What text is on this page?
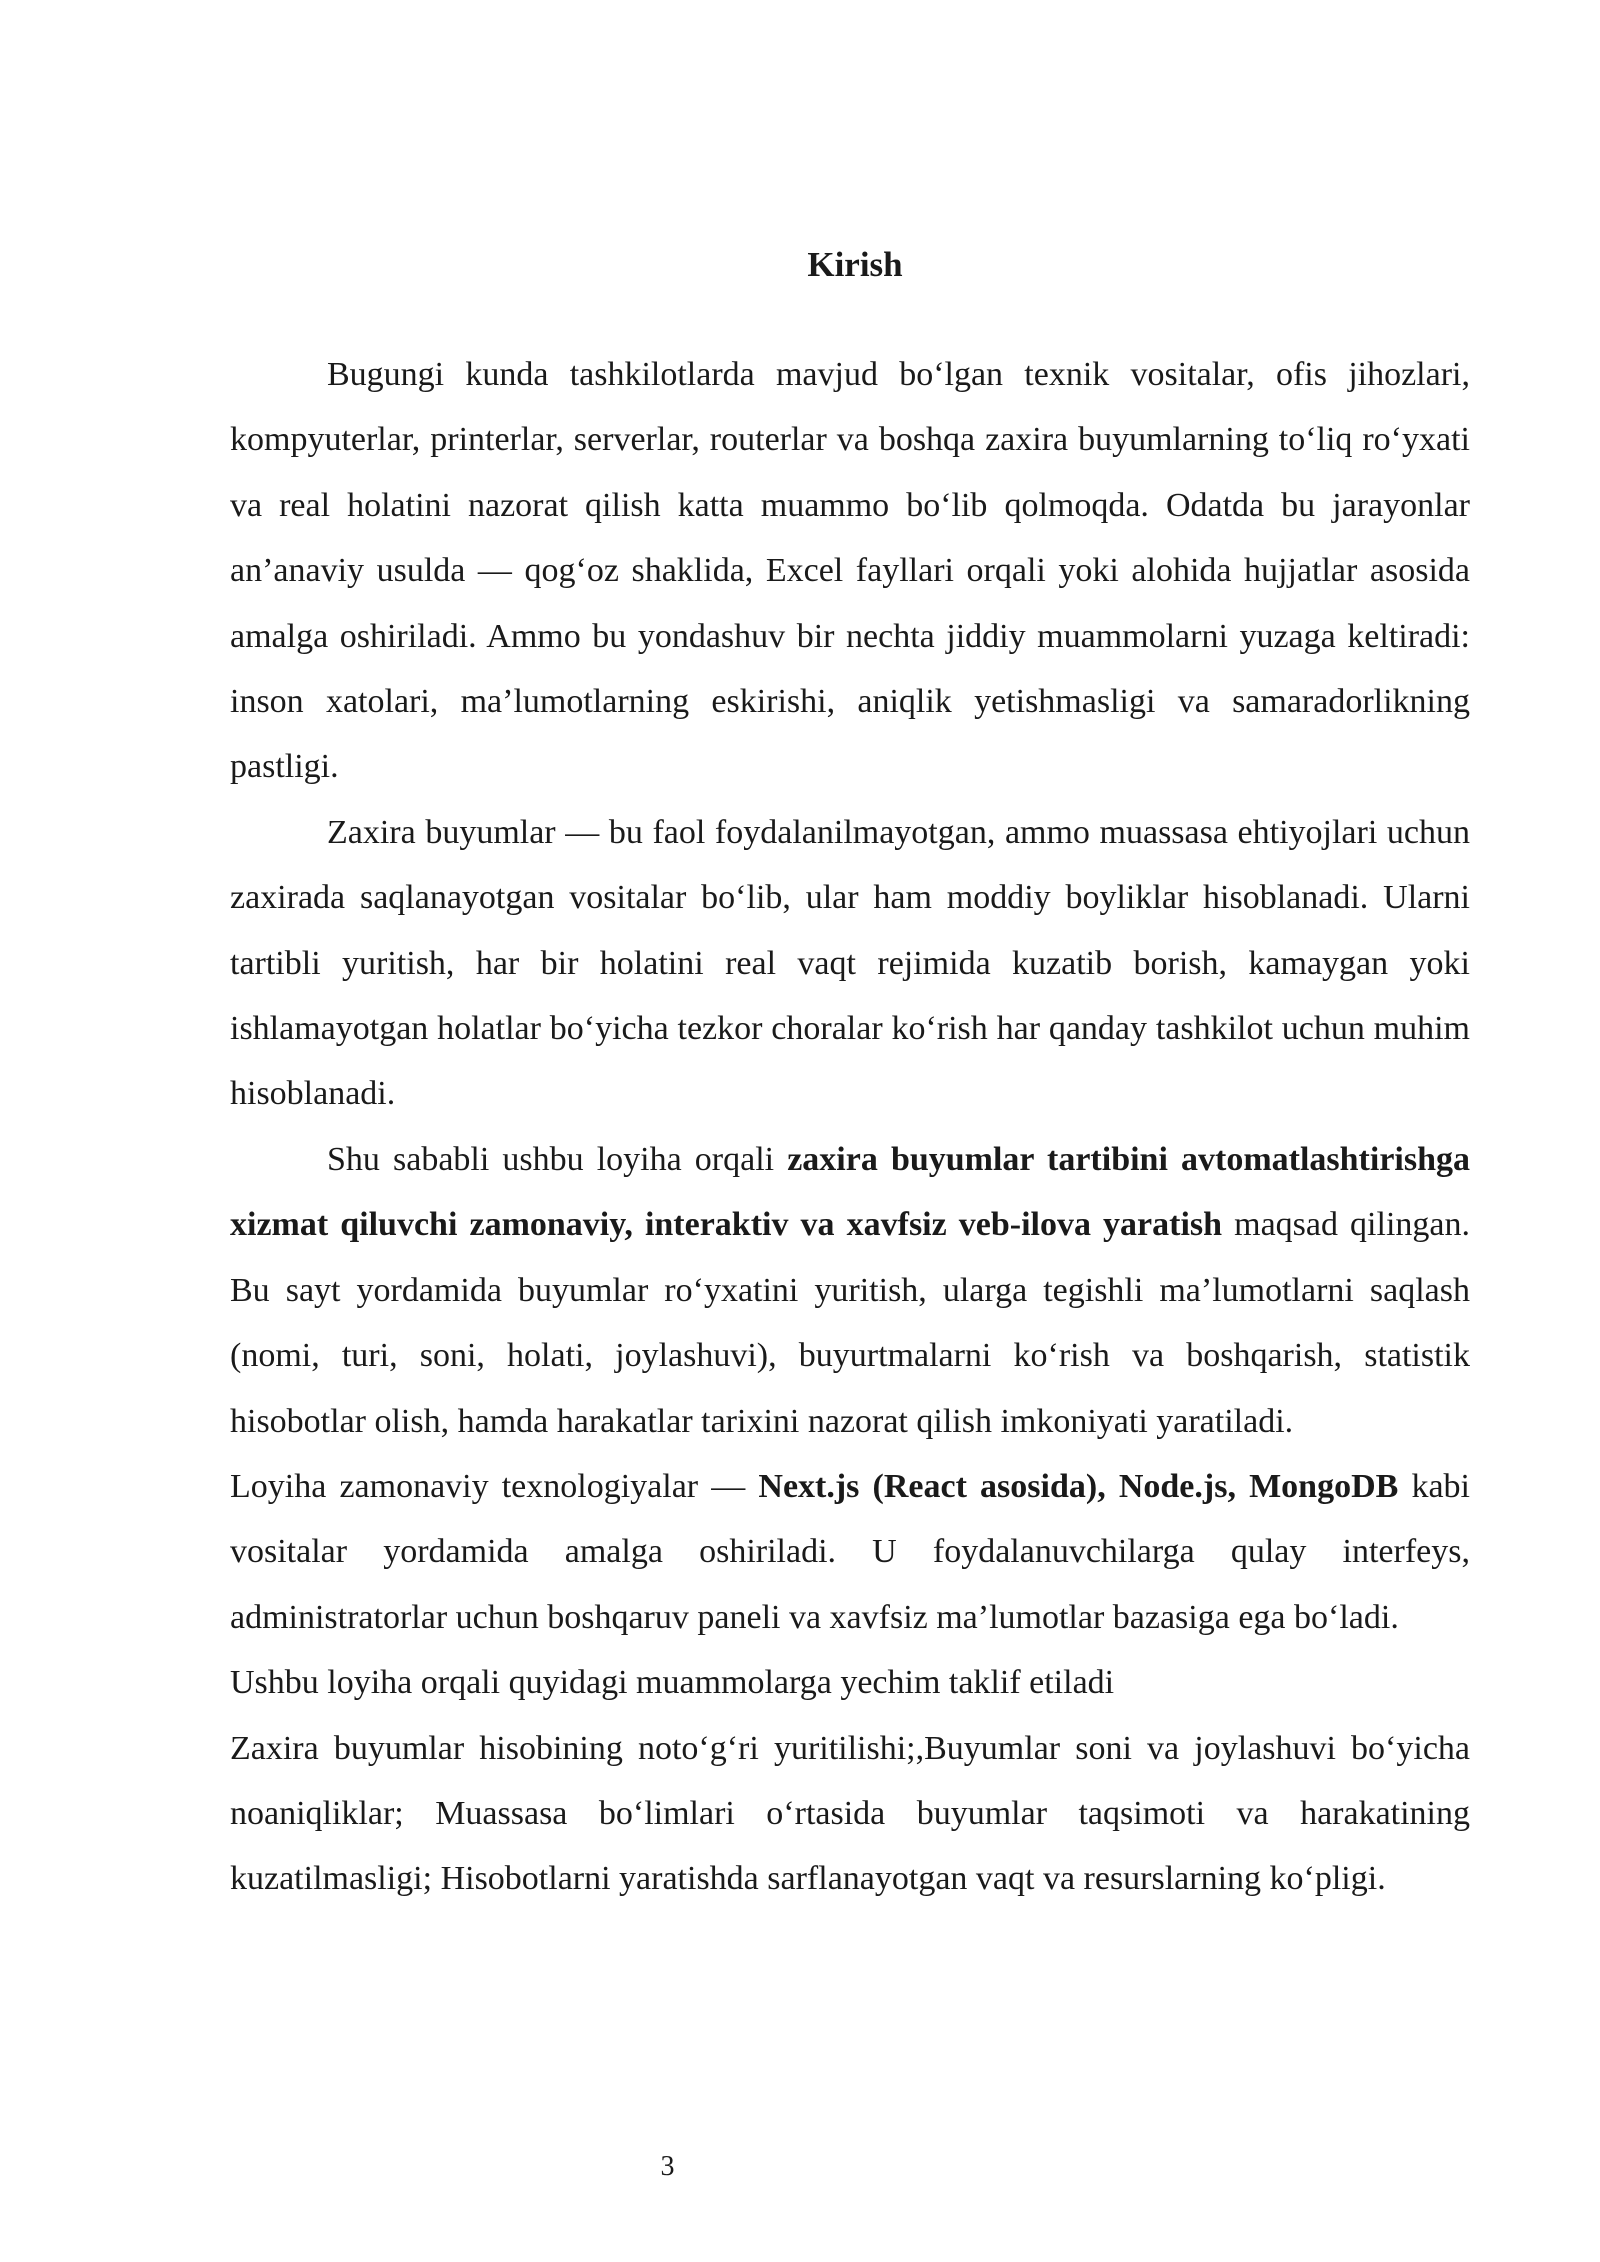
Kirish

Bugungi kunda tashkilotlarda mavjud bo‘lgan texnik vositalar, ofis jihozlari, kompyuterlar, printerlar, serverlar, routerlar va boshqa zaxira buyumlarning to‘liq ro‘yxati va real holatini nazorat qilish katta muammo bo‘lib qolmoqda. Odatda bu jarayonlar an’anaviy usulda — qog‘oz shaklida, Excel fayllari orqali yoki alohida hujjatlar asosida amalga oshiriladi. Ammo bu yondashuv bir nechta jiddiy muammolarni yuzaga keltiradi: inson xatolari, ma’lumotlarning eskirishi, aniqlik yetishmasligi va samaradorlikning pastligi.

Zaxira buyumlar — bu faol foydalanilmayotgan, ammo muassasa ehtiyojlari uchun zaxirada saqlanayotgan vositalar bo‘lib, ular ham moddiy boyliklar hisoblanadi. Ularni tartibli yuritish, har bir holatini real vaqt rejimida kuzatib borish, kamaygan yoki ishlamayotgan holatlar bo‘yicha tezkor choralar ko‘rish har qanday tashkilot uchun muhim hisoblanadi.

Shu sababli ushbu loyiha orqali zaxira buyumlar tartibini avtomatlashtirishga xizmat qiluvchi zamonaviy, interaktiv va xavfsiz veb-ilova yaratish maqsad qilingan. Bu sayt yordamida buyumlar ro‘yxatini yuritish, ularga tegishli ma’lumotlarni saqlash (nomi, turi, soni, holati, joylashuvi), buyurtmalarni ko‘rish va boshqarish, statistik hisobotlar olish, hamda harakatlar tarixini nazorat qilish imkoniyati yaratiladi.

Loyiha zamonaviy texnologiyalar — Next.js (React asosida), Node.js, MongoDB kabi vositalar yordamida amalga oshiriladi. U foydalanuvchilarga qulay interfeys, administratorlar uchun boshqaruv paneli va xavfsiz ma’lumotlar bazasiga ega bo‘ladi.

Ushbu loyiha orqali quyidagi muammolarga yechim taklif etiladi

Zaxira buyumlar hisobining noto‘g‘ri yuritilishi;,Buyumlar soni va joylashuvi bo‘yicha noaniqliklar; Muassasa bo‘limlari o‘rtasida buyumlar taqsimoti va harakatining kuzatilmasligi; Hisobotlarni yaratishda sarflanayotgan vaqt va resurslarning ko‘pligi.

3
